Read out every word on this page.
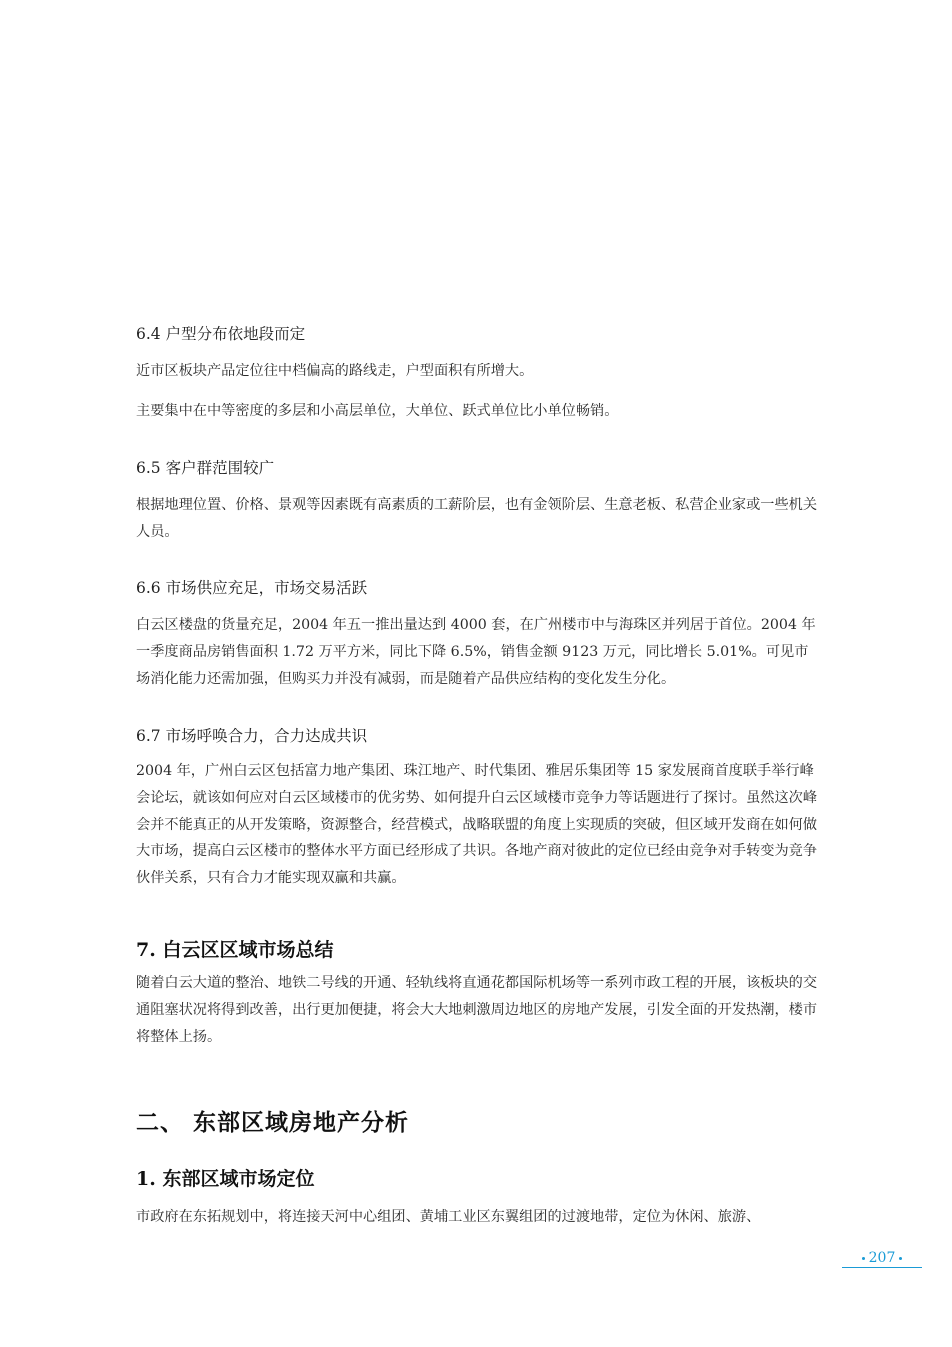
6.4 户型分布依地段而定
近市区板块产品定位往中档偏高的路线走，户型面积有所增大。
主要集中在中等密度的多层和小高层单位，大单位、跃式单位比小单位畅销。
6.5 客户群范围较广
根据地理位置、价格、景观等因素既有高素质的工薪阶层，也有金领阶层、生意老板、私营企业家或一些机关人员。
6.6 市场供应充足，市场交易活跃
白云区楼盘的货量充足，2004 年五一推出量达到 4000 套，在广州楼市中与海珠区并列居于首位。2004 年一季度商品房销售面积 1.72 万平方米，同比下降 6.5%，销售金额 9123 万元，同比增长 5.01%。可见市场消化能力还需加强，但购买力并没有减弱，而是随着产品供应结构的变化发生分化。
6.7 市场呼唤合力，合力达成共识
2004 年，广州白云区包括富力地产集团、珠江地产、时代集团、雅居乐集团等 15 家发展商首度联手举行峰会论坛，就该如何应对白云区域楼市的优劣势、如何提升白云区域楼市竞争力等话题进行了探讨。虽然这次峰会并不能真正的从开发策略，资源整合，经营模式，战略联盟的角度上实现质的突破，但区域开发商在如何做大市场，提高白云区楼市的整体水平方面已经形成了共识。各地产商对彼此的定位已经由竞争对手转变为竞争伙伴关系，只有合力才能实现双赢和共赢。
7. 白云区区域市场总结
随着白云大道的整治、地铁二号线的开通、轻轨线将直通花都国际机场等一系列市政工程的开展，该板块的交通阻塞状况将得到改善，出行更加便捷，将会大大地刺激周边地区的房地产发展，引发全面的开发热潮，楼市将整体上扬。
二、 东部区域房地产分析
1. 东部区域市场定位
市政府在东拓规划中，将连接天河中心组团、黄埔工业区东翼组团的过渡地带，定位为休闲、旅游、
207
